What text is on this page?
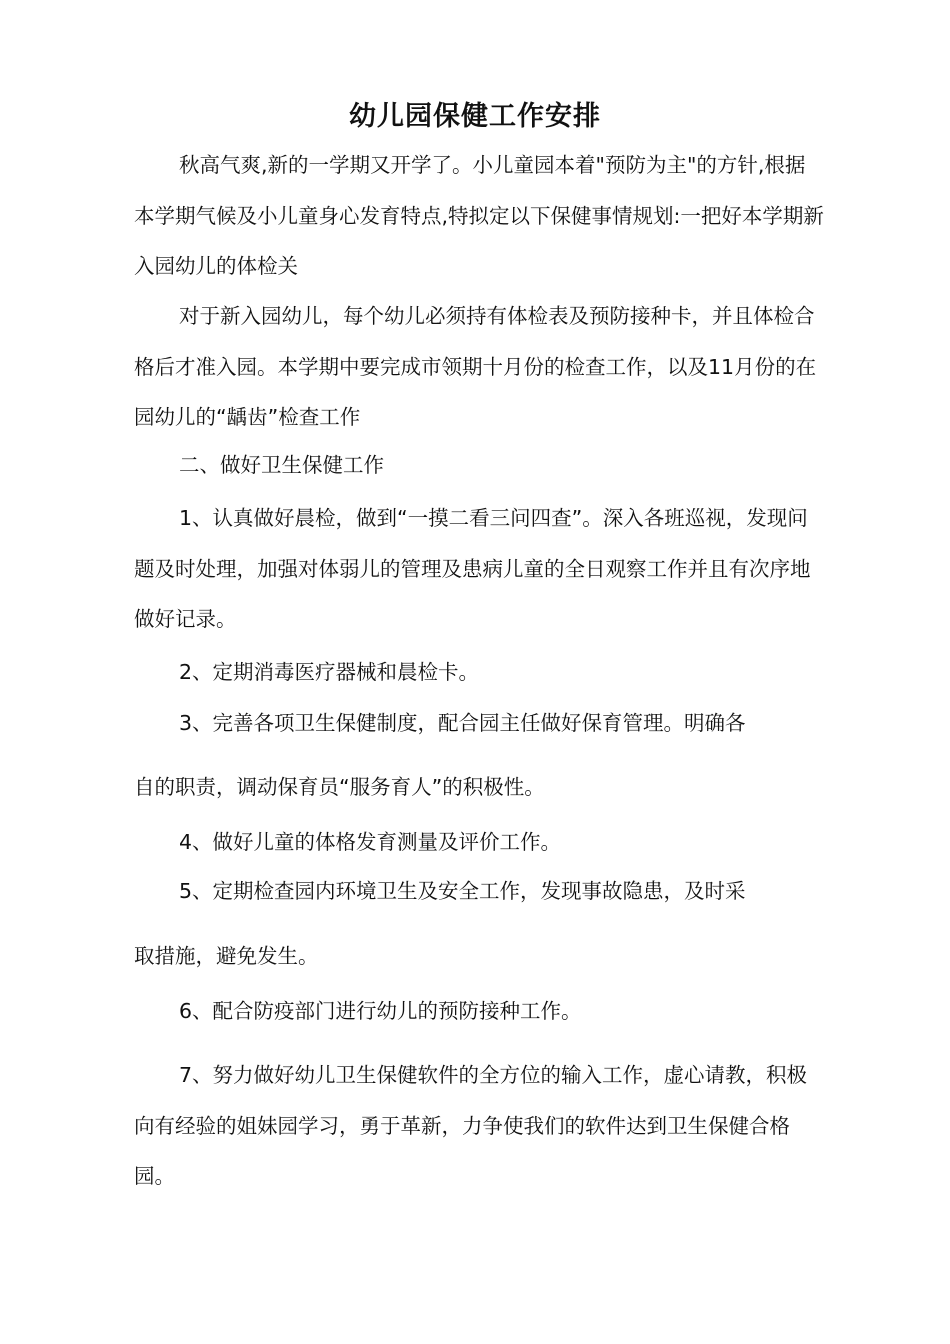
幼儿园保健工作安排

秋高气爽,新的一学期又开学了。小儿童园本着"预防为主"的方针,根据本学期气候及小儿童身心发育特点,特拟定以下保健事情规划:一把好本学期新入园幼儿的体检关

对于新入园幼儿，每个幼儿必须持有体检表及预防接种卡，并且体检合格后才准入园。本学期中要完成市领期十月份的检查工作，以及11月份的在园幼儿的“龋齿”检查工作

二、做好卫生保健工作

1、认真做好晨检，做到“一摸二看三问四查”。深入各班巡视，发现问题及时处理，加强对体弱儿的管理及患病儿童的全日观察工作并且有次序地做好记录。

2、定期消毒医疗器械和晨检卡。

3、完善各项卫生保健制度，配合园主任做好保育管理。明确各

自的职责，调动保育员“服务育人”的积极性。

4、做好儿童的体格发育测量及评价工作。

5、定期检查园内环境卫生及安全工作，发现事故隐患，及时采

取措施，避免发生。

6、配合防疫部门进行幼儿的预防接种工作。

7、努力做好幼儿卫生保健软件的全方位的输入工作，虚心请教，积极向有经验的姐妹园学习，勇于革新，力争使我们的软件达到卫生保健合格园。
